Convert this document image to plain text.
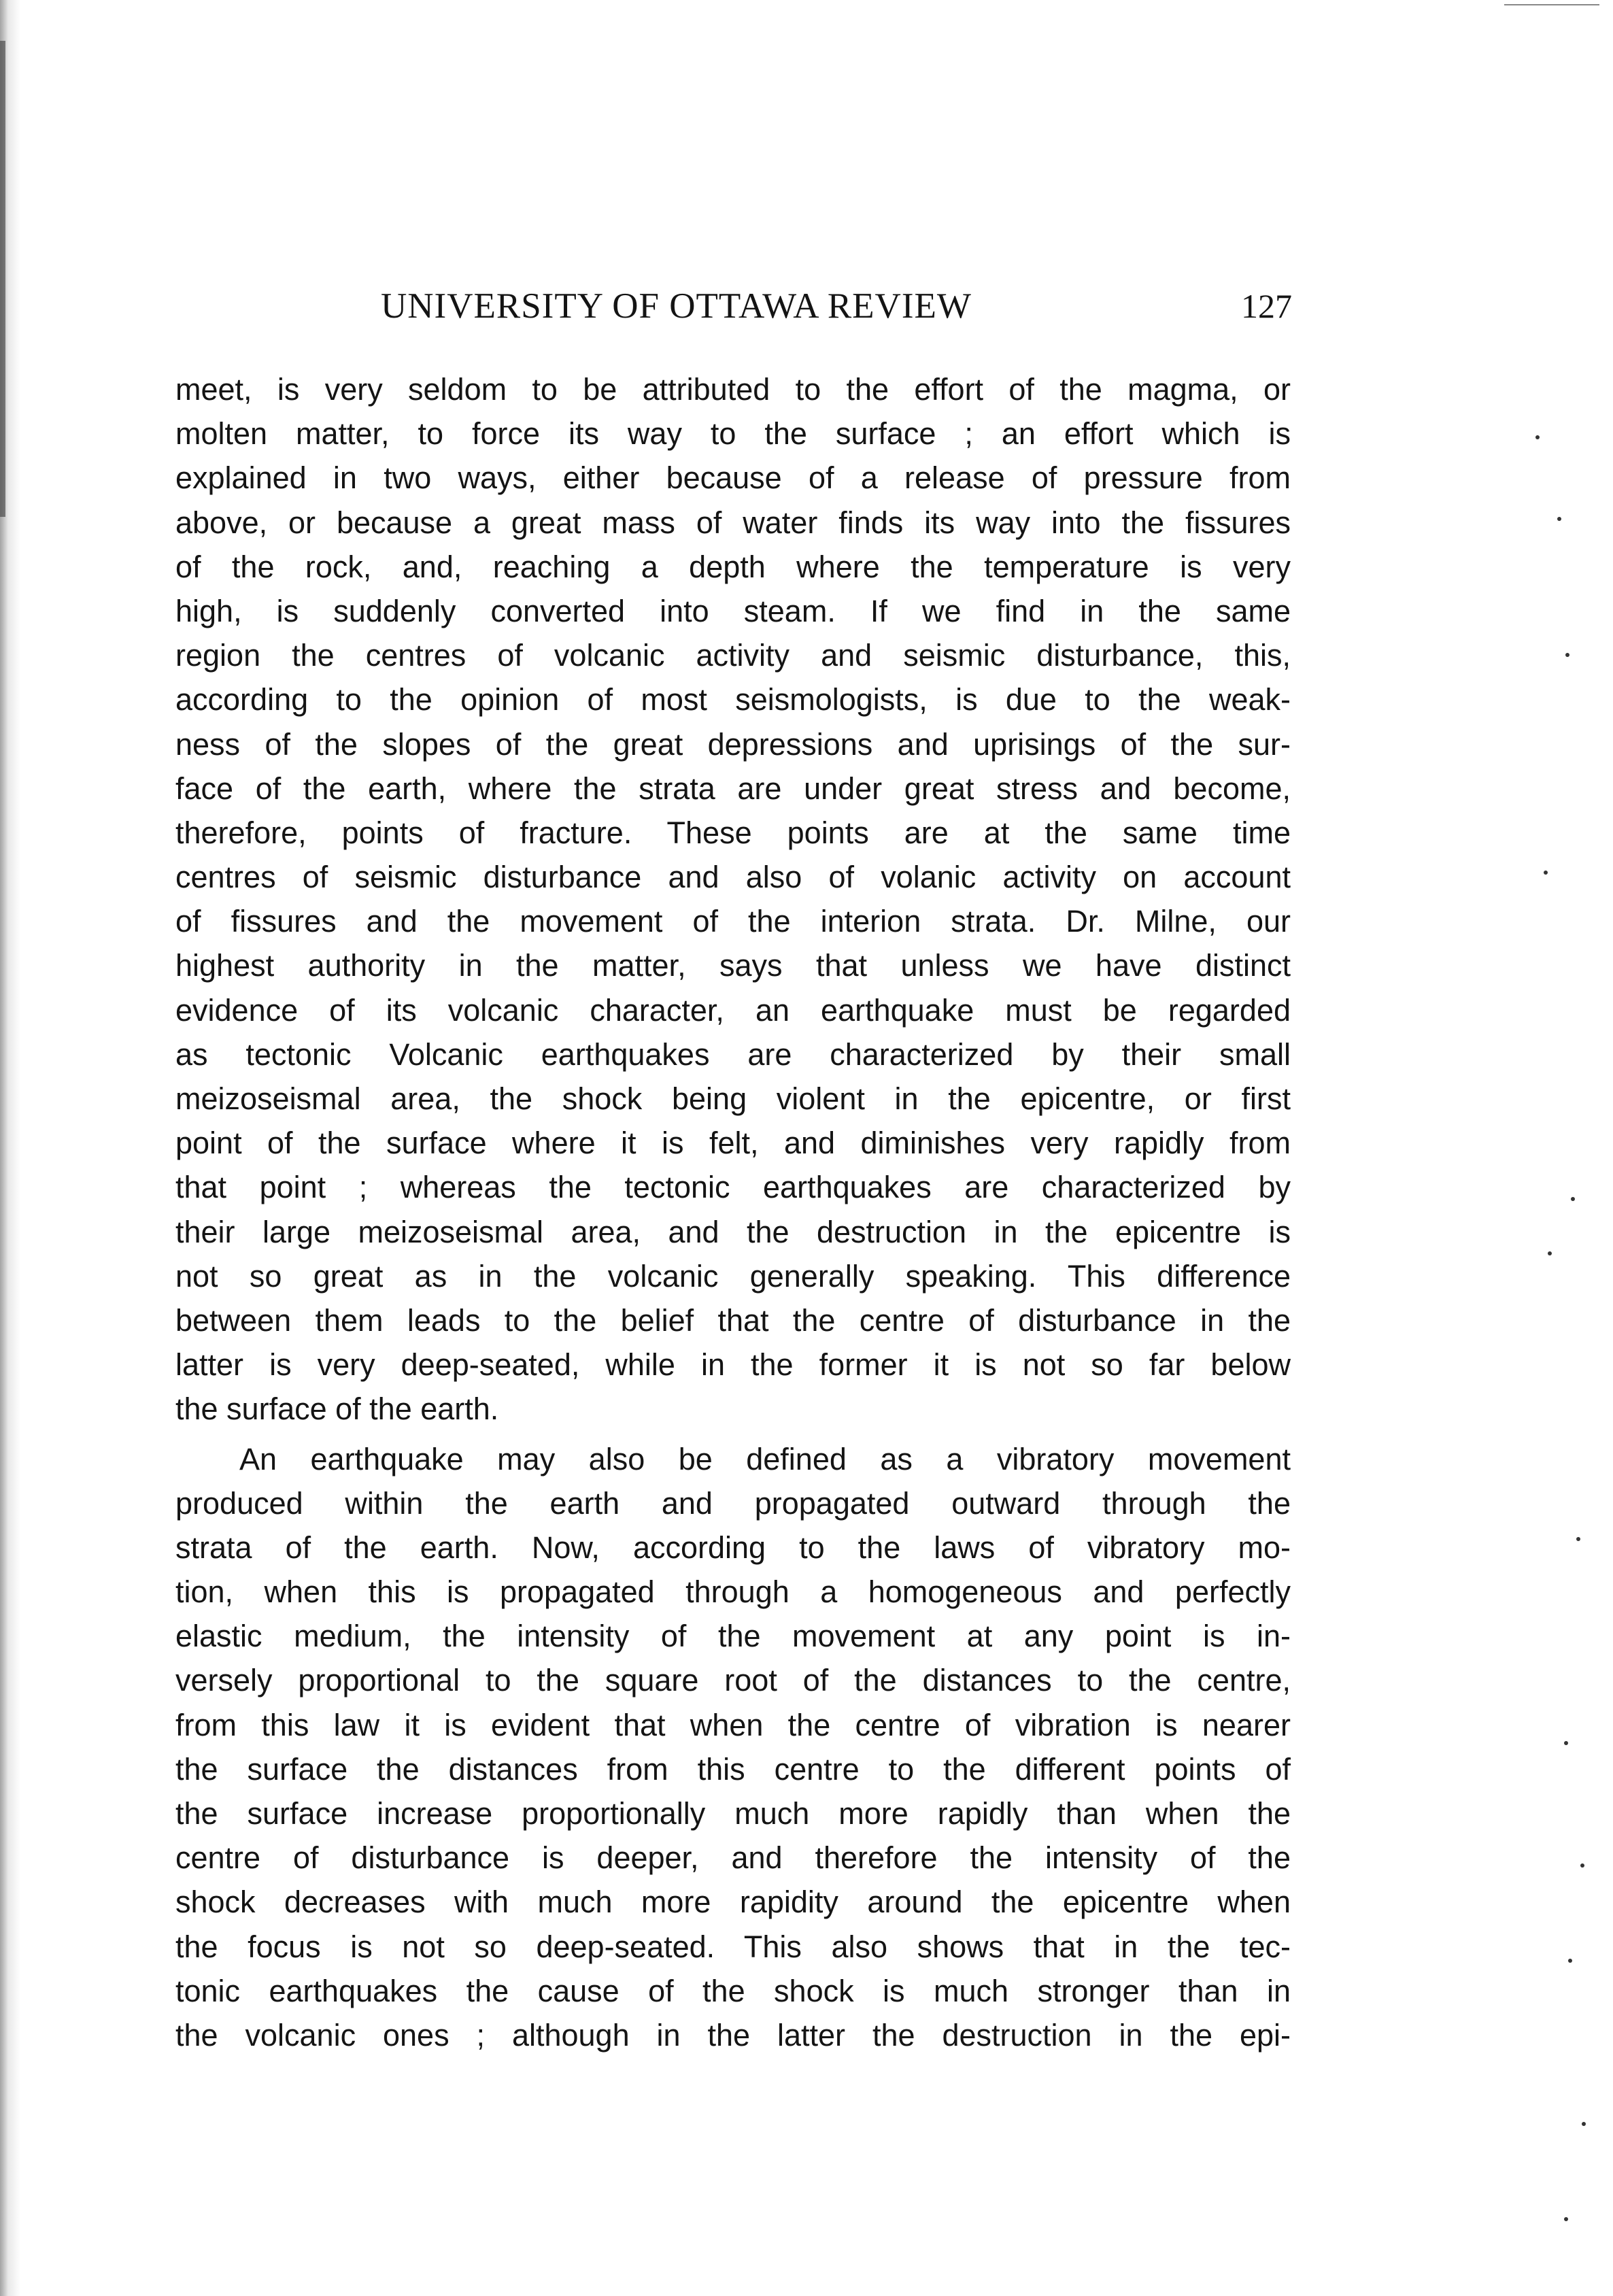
UNIVERSITY OF OTTAWA REVIEW	127
meet, is very seldom to be attributed to the effort of the magma, or
molten matter, to force its way to the surface ; an effort which is
explained in two ways, either because of a release of pressure from
above, or because a great mass of water finds its way into the fissures
of the rock, and, reaching a depth where the temperature is very
high, is suddenly converted into steam. If we find in the same
region the centres of volcanic activity and seismic disturbance, this,
according to the opinion of most seismologists, is due to the weak-
ness of the slopes of the great depressions and uprisings of the sur-
face of the earth, where the strata are under great stress and become,
therefore, points of fracture. These points are at the same time
centres of seismic disturbance and also of volanic activity on account
of fissures and the movement of the interion strata. Dr. Milne, our
highest authority in the matter, says that unless we have distinct
evidence of its volcanic character, an earthquake must be regarded
as tectonic Volcanic earthquakes are characterized by their small
meizoseismal area, the shock being violent in the epicentre, or first
point of the surface where it is felt, and diminishes very rapidly from
that point ; whereas the tectonic earthquakes are characterized by
their large meizoseismal area, and the destruction in the epicentre is
not so great as in the volcanic generally speaking. This difference
between them leads to the belief that the centre of disturbance in the
latter is very deep-seated, while in the former it is not so far below
the surface of the earth.
An earthquake may also be defined as a vibratory movement
produced within the earth and propagated outward through the
strata of the earth. Now, according to the laws of vibratory mo-
tion, when this is propagated through a homogeneous and perfectly
elastic medium, the intensity of the movement at any point is in-
versely proportional to the square root of the distances to the centre,
from this law it is evident that when the centre of vibration is nearer
the surface the distances from this centre to the different points of
the surface increase proportionally much more rapidly than when the
centre of disturbance is deeper, and therefore the intensity of the
shock decreases with much more rapidity around the epicentre when
the focus is not so deep-seated. This also shows that in the tec-
tonic earthquakes the cause of the shock is much stronger than in
the volcanic ones ; although in the latter the destruction in the epi-
